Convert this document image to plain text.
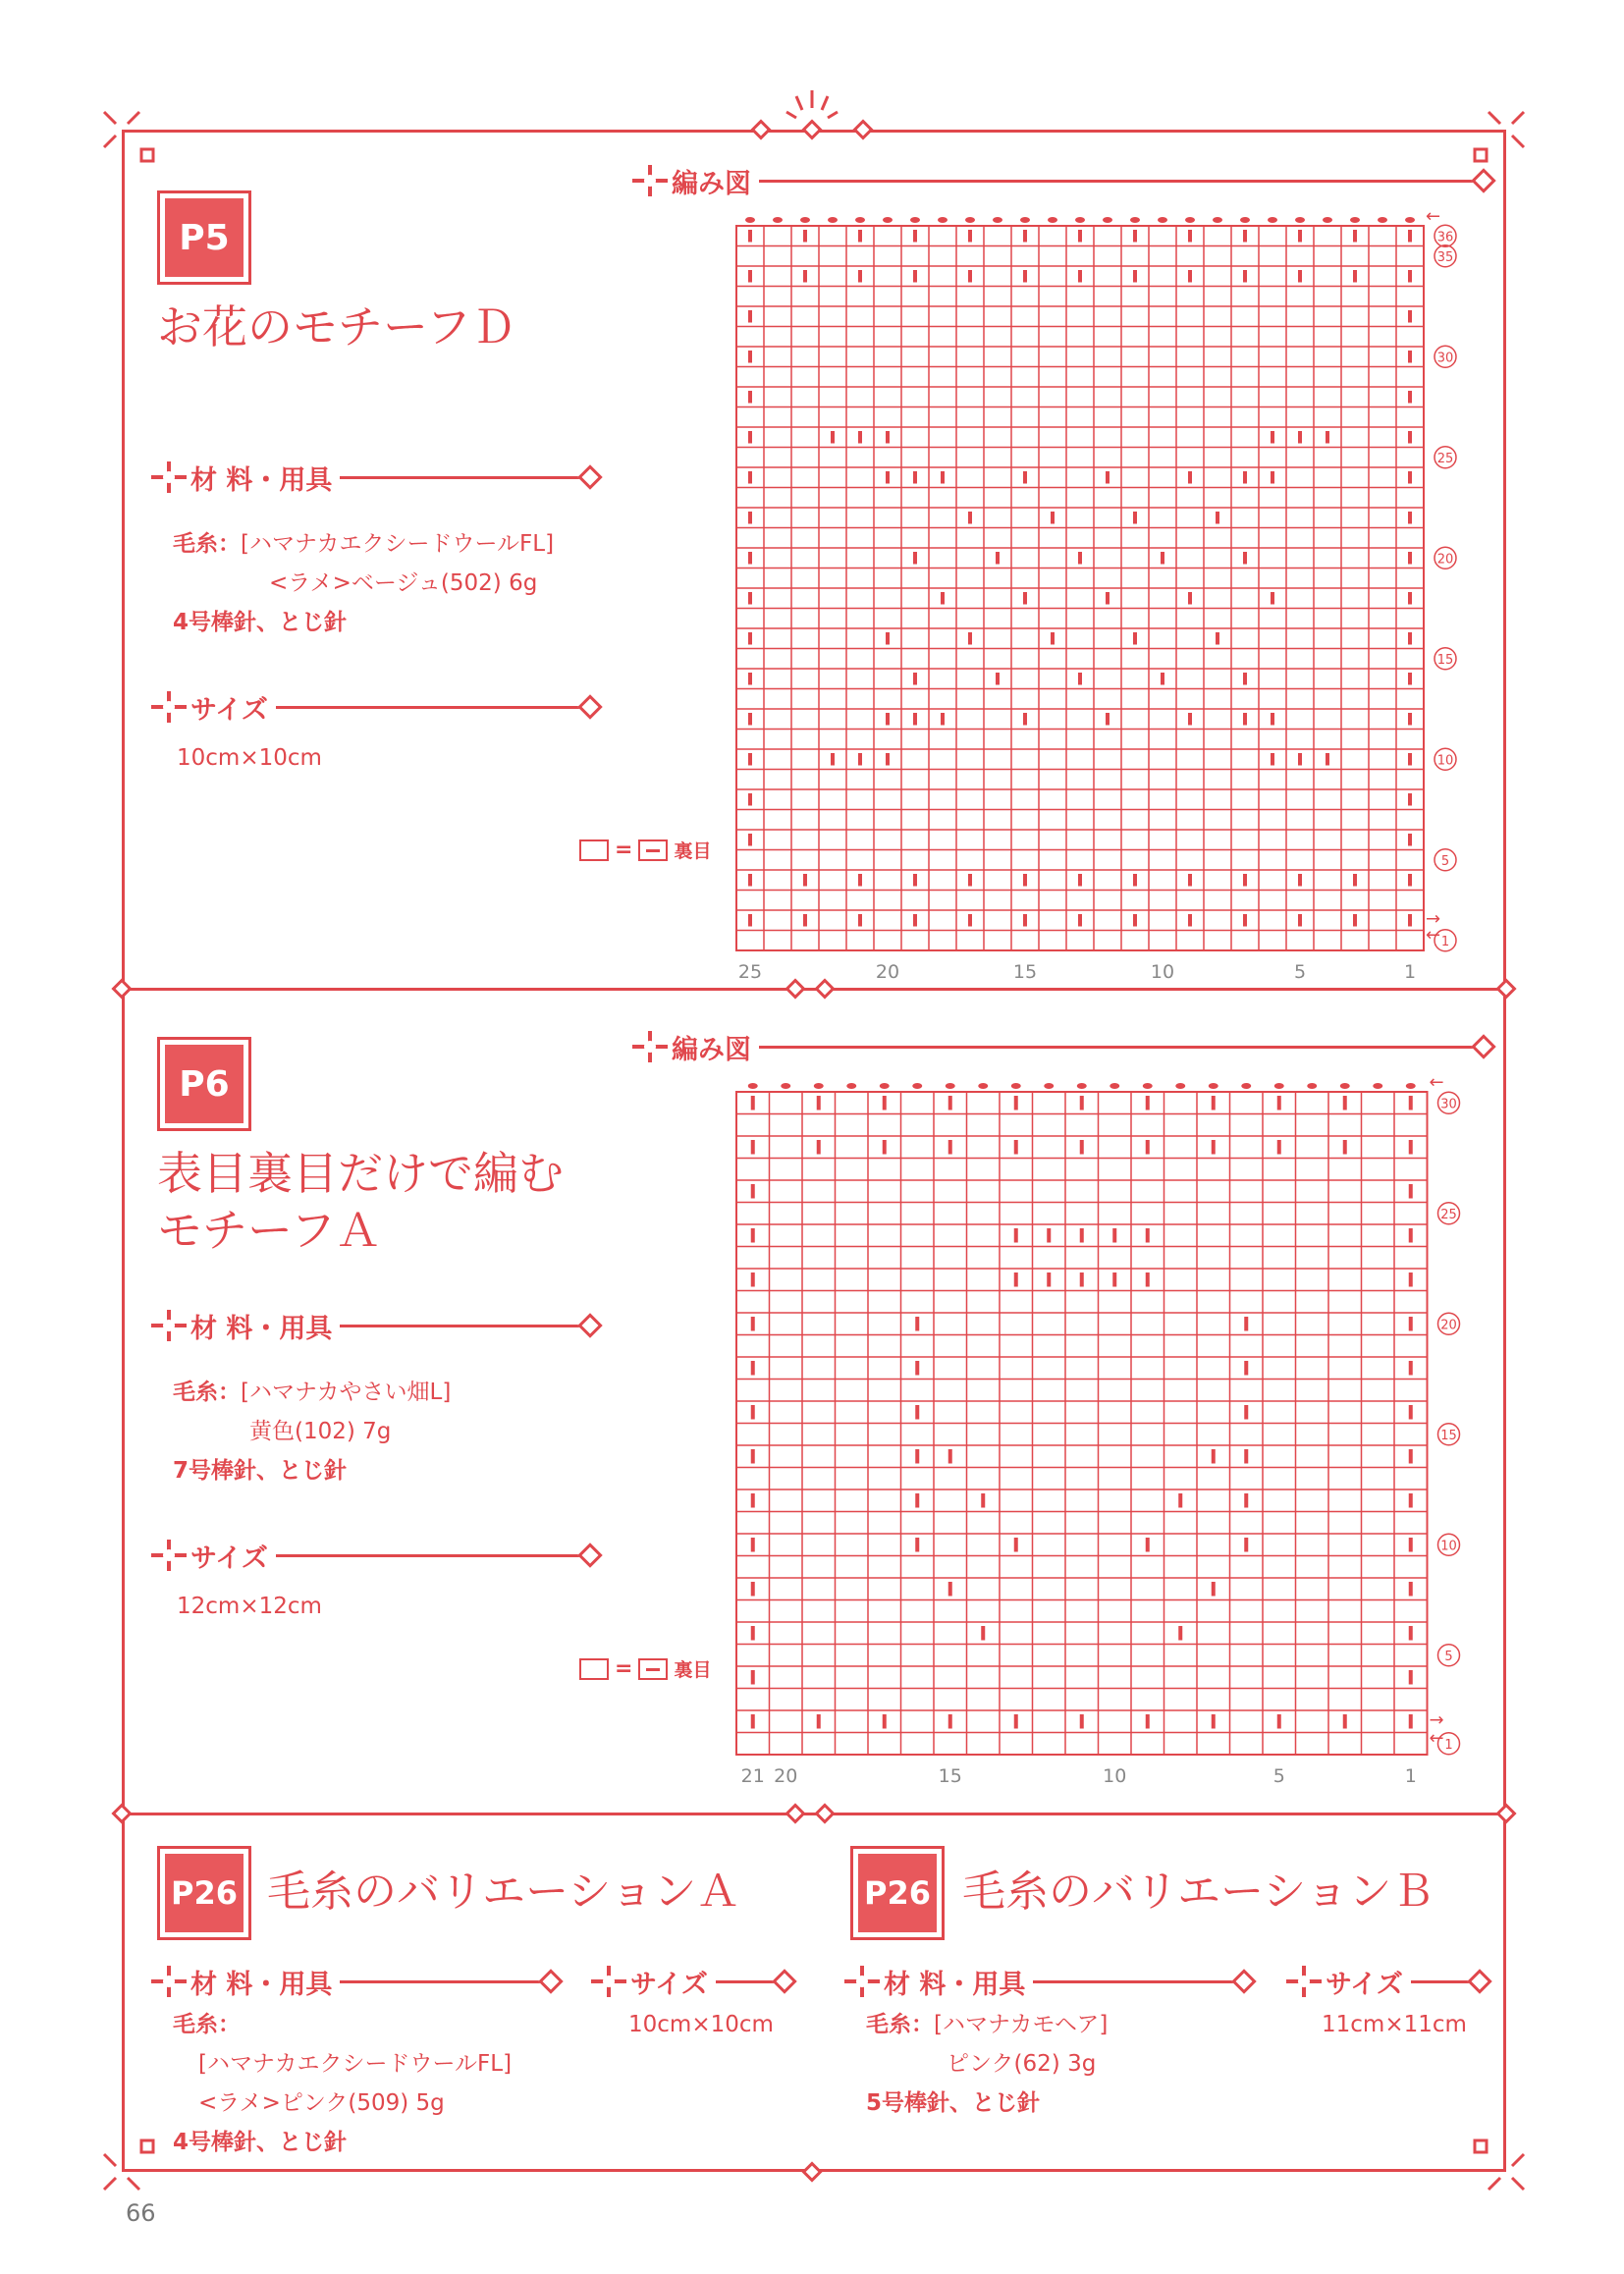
P5
お花のモチーフＤ
材 料・用具
毛糸：[ハマナカエクシードウールFL]
<ラメ>ベージュ(502) 6g
4号棒針、とじ針
サイズ
10cm×10cm
編み図
= 裏目
36
35
30
25
20
15
10
5
1
25	20	15	10	5	1
←
→
←
P6
表目裏目だけで編む
モチーフＡ
材 料・用具
毛糸：[ハマナカやさい畑L]
黄色(102) 7g
7号棒針、とじ針
サイズ
12cm×12cm
編み図
= 裏目
30
25
20
15
10
5
1
21 20	15	10	5	1
←
→
←
P26 毛糸のバリエーションＡ
材 料・用具	サイズ
毛糸：
[ハマナカエクシードウールFL]
<ラメ>ピンク(509) 5g
4号棒針、とじ針
10cm×10cm
P26 毛糸のバリエーションＢ
材 料・用具	サイズ
毛糸：[ハマナカモヘア]
ピンク(62) 3g
5号棒針、とじ針
11cm×11cm
66
